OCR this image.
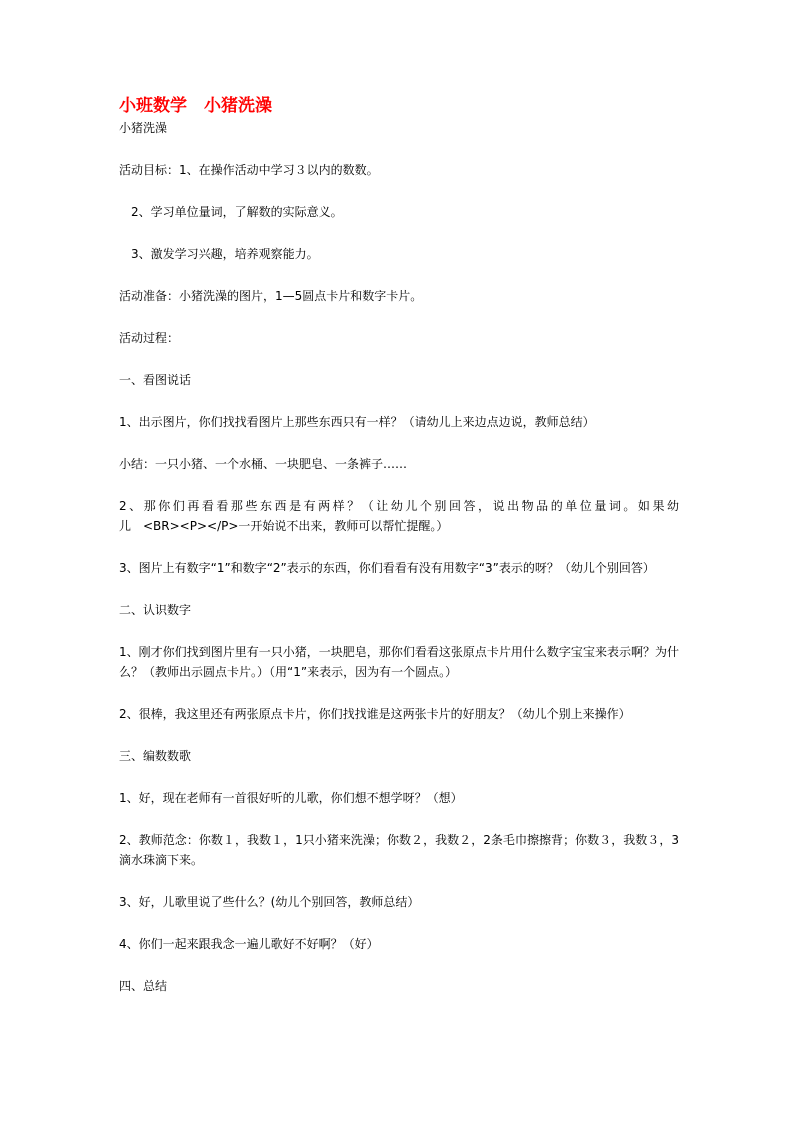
小班数学　小猪洗澡

小猪洗澡

活动目标：1、在操作活动中学习３以内的数数。

　2、学习单位量词，了解数的实际意义。

　3、激发学习兴趣，培养观察能力。

活动准备：小猪洗澡的图片，1—5圆点卡片和数字卡片。

活动过程：

一、看图说话

1、出示图片，你们找找看图片上那些东西只有一样？（请幼儿上来边点边说，教师总结）

小结：一只小猪、一个水桶、一块肥皂、一条裤子……

2、那你们再看看那些东西是有两样？（让幼儿个别回答，说出物品的单位量词。如果幼

儿　<BR><P></P>一开始说不出来，教师可以帮忙提醒。）

3、图片上有数字“1”和数字“2”表示的东西，你们看看有没有用数字“3”表示的呀？（幼儿个别回答）

二、认识数字

1、刚才你们找到图片里有一只小猪，一块肥皂，那你们看看这张原点卡片用什么数字宝宝来表示啊？为什

么？（教师出示圆点卡片。）（用“1”来表示，因为有一个圆点。）

2、很棒，我这里还有两张原点卡片，你们找找谁是这两张卡片的好朋友？（幼儿个别上来操作）

三、编数数歌

1、好，现在老师有一首很好听的儿歌，你们想不想学呀？（想）

2、教师范念：你数１，我数１，1只小猪来洗澡；你数２，我数２，2条毛巾擦擦背；你数３，我数３，3

滴水珠滴下来。

3、好，儿歌里说了些什么？(幼儿个别回答，教师总结）

4、你们一起来跟我念一遍儿歌好不好啊？（好）

四、总结
